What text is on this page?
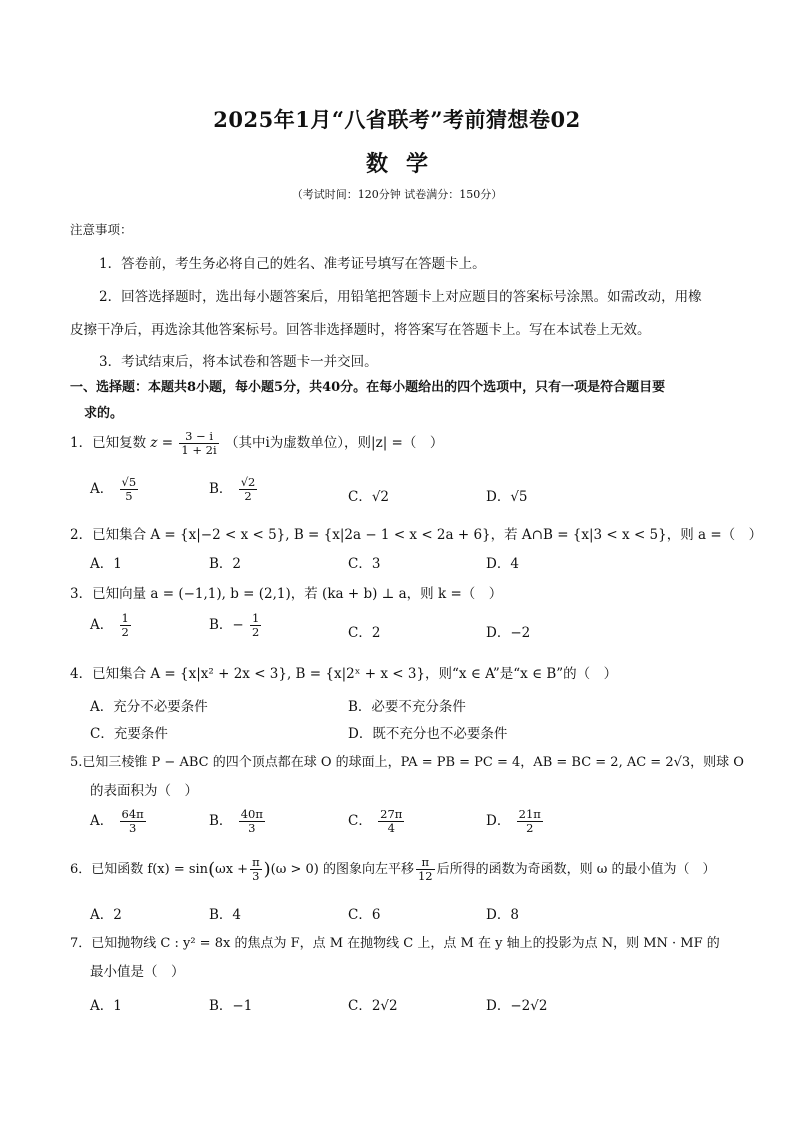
2025年1月“八省联考”考前猜想卷02
数学
（考试时间：120分钟 试卷满分：150分）
注意事项：
1．答卷前，考生务必将自己的姓名、准考证号填写在答题卡上。
2．回答选择题时，选出每小题答案后，用铅笔把答题卡上对应题目的答案标号涂黑。如需改动，用橡
皮擦干净后，再选涂其他答案标号。回答非选择题时，将答案写在答题卡上。写在本试卷上无效。
3．考试结束后，将本试卷和答题卡一并交回。
一、选择题：本题共8小题，每小题5分，共40分。在每小题给出的四个选项中，只有一项是符合题目要
求的。
1．已知复数 $z = \frac{3 - i}{1 + 2i}$ （其中i为虚数单位），则|z| =（　）
A． $\frac{√5}{5}$	B． $\frac{√2}{2}$	C．√2	D．√5
2．已知集合 A = {x|−2 < x < 5}, B = {x|2a − 1 < x < 2a + 6}，若 A∩B = {x|3 < x < 5}，则 a =（　）
A．1	B．2	C．3	D．4
3．已知向量 a = (−1,1), b = (2,1)，若 (ka + b) ⊥ a，则 k =（　）
A． $\frac{1}{2}$	B．− $\frac{1}{2}$	C．2	D．−2
4．已知集合 A = {x|x² + 2x < 3}, B = {x|2ˣ + x < 3}，则“x ∈ A”是“x ∈ B”的（　）
A．充分不必要条件	B．必要不充分条件
C．充要条件	D．既不充分也不必要条件
5.已知三棱锥 P − ABC 的四个顶点都在球 O 的球面上，PA = PB = PC = 4，AB = BC = 2, AC = 2√3，则球 O
的表面积为（　）
A． $\frac{64\pi}{3}$	B． $\frac{40\pi}{3}$	C． $\frac{27\pi}{4}$	D． $\frac{21\pi}{2}$
6．已知函数 $f(x) = \sin(\omega x + \frac{\pi}{3} )(\omega > 0)$ 的图象向左平移 $\frac{\pi}{12}$ 后所得的函数为奇函数，则 ω 的最小值为（　）
A．2	B．4	C．6	D．8
7．已知抛物线 C : y² = 8x 的焦点为 F，点 M 在抛物线 C 上，点 M 在 y 轴上的投影为点 N，则 MN · MF 的
最小值是（　）
A．1	B．−1	C．2√2	D．−2√2
